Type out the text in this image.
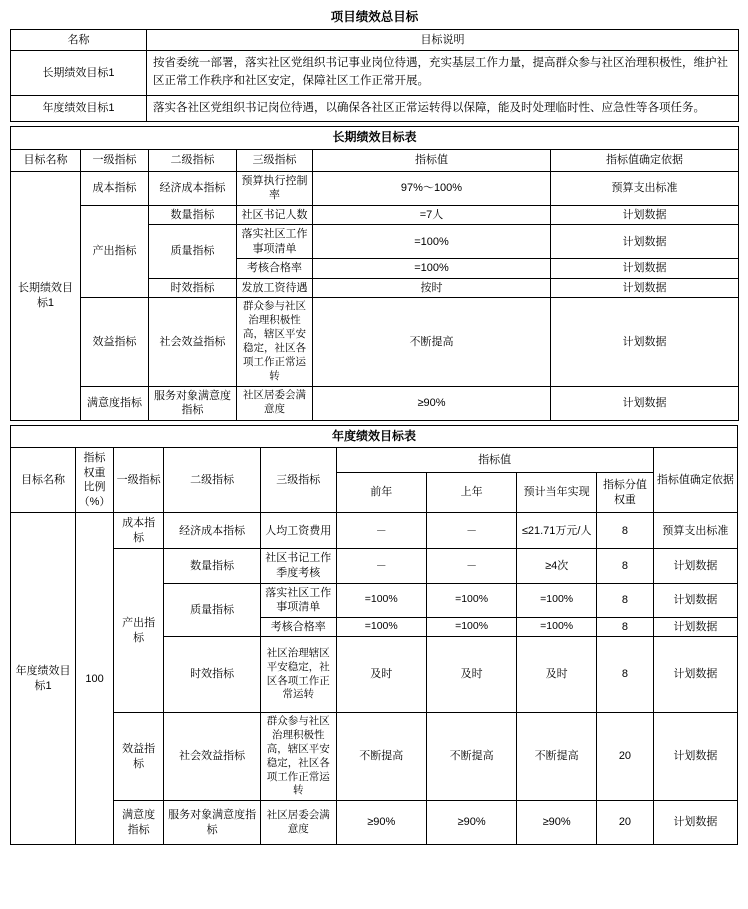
项目绩效总目标	
名称	目标说明
长期绩效目标1	按省委统一部署，落实社区党组织书记事业岗位待遇，充实基层工作力量，提高群众参与社区治理积极性，维护社区正常工作秩序和社区安定，保障社区工作正常开展。
年度绩效目标1	落实各社区党组织书记岗位待遇，以确保各社区正常运转得以保障，能及时处理临时性、应急性等各项任务。
长期绩效目标表					
目标名称	一级指标	二级指标	三级指标	指标值	指标值确定依据
长期绩效目标1	成本指标	经济成本指标	预算执行控制率	97%～100%	预算支出标准
	产出指标	数量指标	社区书记人数	=7人	计划数据
		质量指标	落实社区工作事项清单	=100%	计划数据
			考核合格率	=100%	计划数据
		时效指标	发放工资待遇	按时	计划数据
	效益指标	社会效益指标	群众参与社区治理积极性高，辖区平安稳定，社区各项工作正常运转	不断提高	计划数据
	满意度指标	服务对象满意度指标	社区居委会满意度	≥90%	计划数据
年度绩效目标表									
目标名称	指标权重比例（%）	一级指标	二级指标	三级指标	指标值				指标值确定依据
					前年	上年	预计当年实现	指标分值权重	
年度绩效目标1	100	成本指标	经济成本指标	人均工资费用	－	－	≤21.71万元/人	8	预算支出标准
		产出指标	数量指标	社区书记工作季度考核	－	－	≥4次	8	计划数据
			质量指标	落实社区工作事项清单	=100%	=100%	=100%	8	计划数据
				考核合格率	=100%	=100%	=100%	8	计划数据
			时效指标	社区治理辖区平安稳定，社区各项工作正常运转	及时	及时	及时	8	计划数据
		效益指标	社会效益指标	群众参与社区治理积极性高，辖区平安稳定，社区各项工作正常运转	不断提高	不断提高	不断提高	20	计划数据
		满意度指标	服务对象满意度指标	社区居委会满意度	≥90%	≥90%	≥90%	20	计划数据
